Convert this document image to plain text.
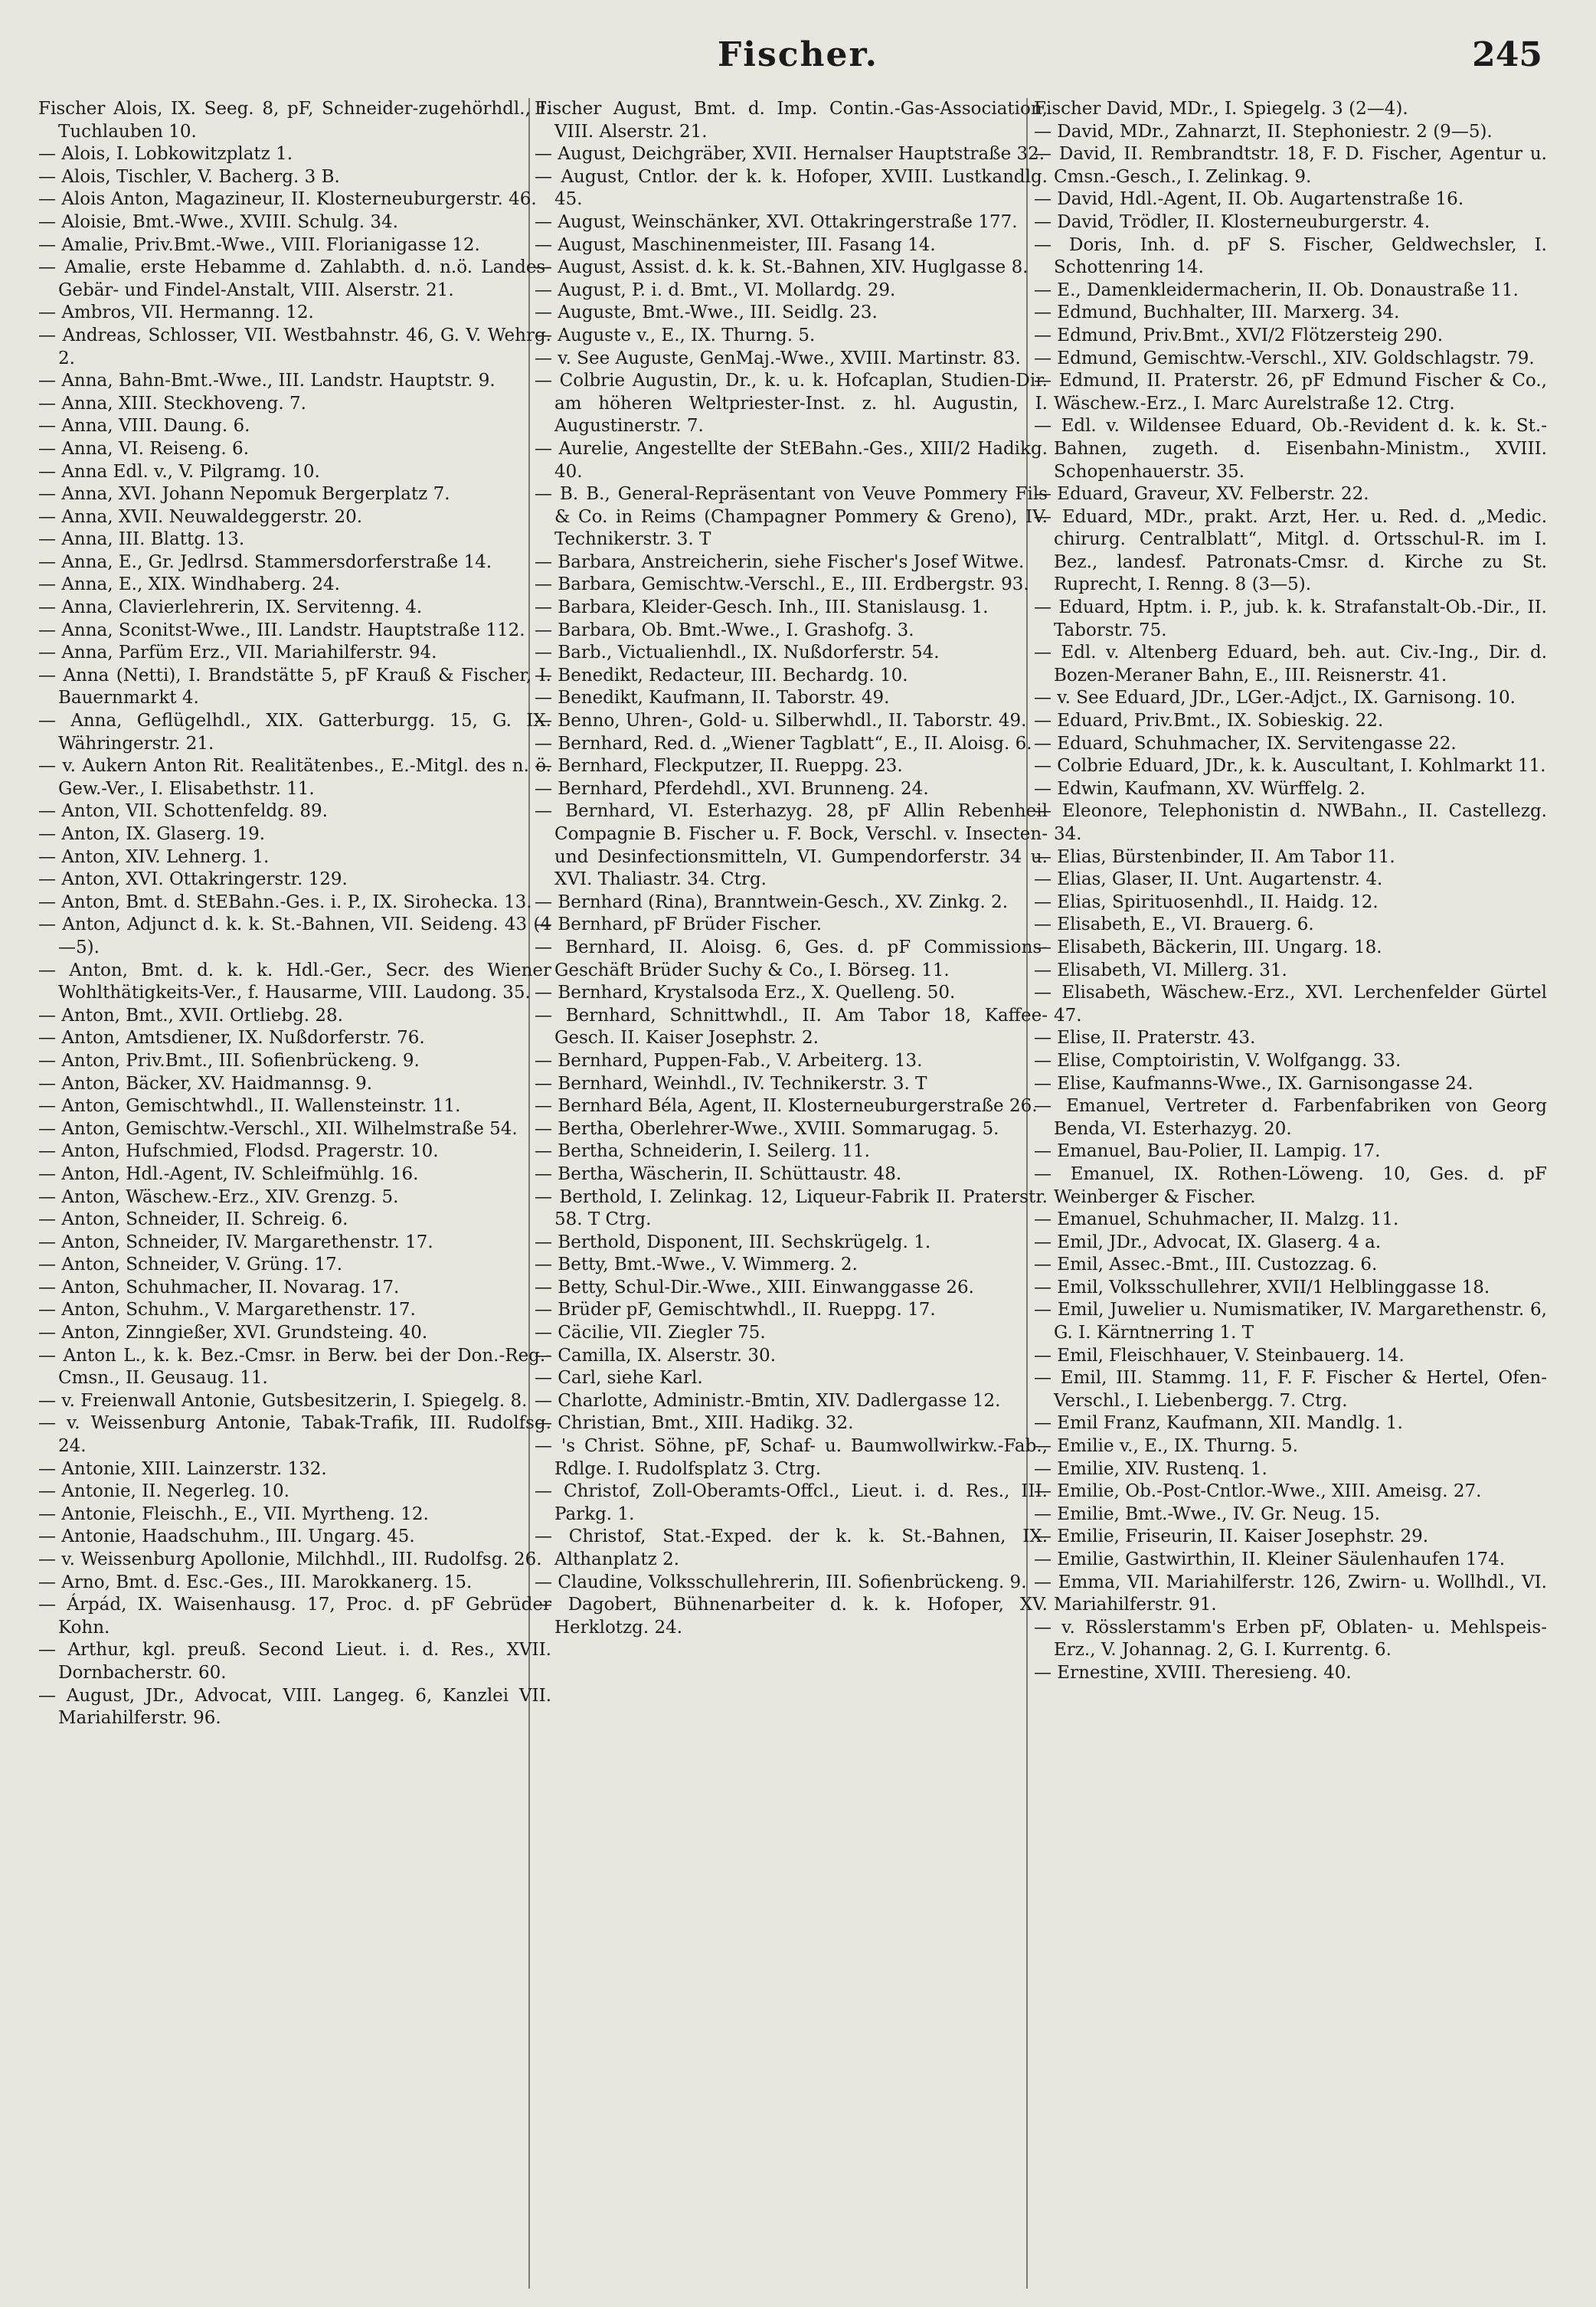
Fischer.	245

Fischer Alois, IX. Seeg. 8, pF, Schneider-zugehörhdl., I. Tuchlauben 10.

— Alois, I. Lobkowitzplatz 1.

— Alois, Tischler, V. Bacherg. 3 B.

— Alois Anton, Magazineur, II. Klosterneuburgerstr. 46.

— Aloisie, Bmt.-Wwe., XVIII. Schulg. 34.

— Amalie, Priv.Bmt.-Wwe., VIII. Florianigasse 12.

— Amalie, erste Hebamme d. Zahlabth. d. n.ö. Landes-Gebär- und Findel-Anstalt, VIII. Alserstr. 21.

— Ambros, VII. Hermanng. 12.

— Andreas, Schlosser, VII. Westbahnstr. 46, G. V. Wehrg. 2.

— Anna, Bahn-Bmt.-Wwe., III. Landstr. Hauptstr. 9.

— Anna, XIII. Steckhoveng. 7.

— Anna, VIII. Daung. 6.

— Anna, VI. Reiseng. 6.

— Anna Edl. v., V. Pilgramg. 10.

— Anna, XVI. Johann Nepomuk Bergerplatz 7.

— Anna, XVII. Neuwaldeggerstr. 20.

— Anna, III. Blattg. 13.

— Anna, E., Gr. Jedlrsd. Stammersdorferstraße 14.

— Anna, E., XIX. Windhaberg. 24.

— Anna, Clavierlehrerin, IX. Servitenng. 4.

— Anna, Sconitst-Wwe., III. Landstr. Hauptstraße 112.

— Anna, Parfüm Erz., VII. Mariahilferstr. 94.

— Anna (Netti), I. Brandstätte 5, pF Krauß & Fischer, I. Bauernmarkt 4.

— Anna, Geflügelhdl., XIX. Gatterburgg. 15, G. IX. Währingerstr. 21.

— v. Aukern Anton Rit. Realitätenbes., E.-Mitgl. des n. ö. Gew.-Ver., I. Elisabethstr. 11.

— Anton, VII. Schottenfeldg. 89.

— Anton, IX. Glaserg. 19.

— Anton, XIV. Lehnerg. 1.

— Anton, XVI. Ottakringerstr. 129.

— Anton, Bmt. d. StEBahn.-Ges. i. P., IX. Sirohecka. 13.

— Anton, Adjunct d. k. k. St.-Bahnen, VII. Seideng. 43 (4—5).

— Anton, Bmt. d. k. k. Hdl.-Ger., Secr. des Wiener Wohlthätigkeits-Ver., f. Hausarme, VIII. Laudong. 35.

— Anton, Bmt., XVII. Ortliebg. 28.

— Anton, Amtsdiener, IX. Nußdorferstr. 76.

— Anton, Priv.Bmt., III. Sofienbrückeng. 9.

— Anton, Bäcker, XV. Haidmannsg. 9.

— Anton, Gemischtwhdl., II. Wallensteinstr. 11.

— Anton, Gemischtw.-Verschl., XII. Wilhelmstraße 54.

— Anton, Hufschmied, Flodsd. Pragerstr. 10.

— Anton, Hdl.-Agent, IV. Schleifmühlg. 16.

— Anton, Wäschew.-Erz., XIV. Grenzg. 5.

— Anton, Schneider, II. Schreig. 6.

— Anton, Schneider, IV. Margarethenstr. 17.

— Anton, Schneider, V. Grüng. 17.

— Anton, Schuhmacher, II. Novarag. 17.

— Anton, Schuhm., V. Margarethenstr. 17.

— Anton, Zinngießer, XVI. Grundsteing. 40.

— Anton L., k. k. Bez.-Cmsr. in Berw. bei der Don.-Reg.-Cmsn., II. Geusaug. 11.

— v. Freienwall Antonie, Gutsbesitzerin, I. Spiegelg. 8.

— v. Weissenburg Antonie, Tabak-Trafik, III. Rudolfsg. 24.

— Antonie, XIII. Lainzerstr. 132.

— Antonie, II. Negerleg. 10.

— Antonie, Fleischh., E., VII. Myrtheng. 12.

— Antonie, Haadschuhm., III. Ungarg. 45.

— v. Weissenburg Apollonie, Milchhdl., III. Rudolfsg. 26.

— Arno, Bmt. d. Esc.-Ges., III. Marokkanerg. 15.

— Árpád, IX. Waisenhausg. 17, Proc. d. pF Gebrüder Kohn.

— Arthur, kgl. preuß. Second Lieut. i. d. Res., XVII. Dornbacherstr. 60.

— August, JDr., Advocat, VIII. Langeg. 6, Kanzlei VII. Mariahilferstr. 96.

Fischer August, Bmt. d. Imp. Contin.-Gas-Association, VIII. Alserstr. 21.

— August, Deichgräber, XVII. Hernalser Hauptstraße 32.

— August, Cntlor. der k. k. Hofoper, XVIII. Lustkandlg. 45.

— August, Weinschänker, XVI. Ottakringerstraße 177.

— August, Maschinenmeister, III. Fasang 14.

— August, Assist. d. k. k. St.-Bahnen, XIV. Huglgasse 8.

— August, P. i. d. Bmt., VI. Mollardg. 29.

— Auguste, Bmt.-Wwe., III. Seidlg. 23.

— Auguste v., E., IX. Thurng. 5.

— v. See Auguste, GenMaj.-Wwe., XVIII. Martinstr. 83.

— Colbrie Augustin, Dr., k. u. k. Hofcaplan, Studien-Dir. am höheren Weltpriester-Inst. z. hl. Augustin, I. Augustinerstr. 7.

— Aurelie, Angestellte der StEBahn.-Ges., XIII/2 Hadikg. 40.

— B. B., General-Repräsentant von Veuve Pommery Fils & Co. in Reims (Champagner Pommery & Greno), IV. Technikerstr. 3. T

— Barbara, Anstreicherin, siehe Fischer's Josef Witwe.

— Barbara, Gemischtw.-Verschl., E., III. Erdbergstr. 93.

— Barbara, Kleider-Gesch. Inh., III. Stanislausg. 1.

— Barbara, Ob. Bmt.-Wwe., I. Grashofg. 3.

— Barb., Victualienhdl., IX. Nußdorferstr. 54.

— Benedikt, Redacteur, III. Bechardg. 10.

— Benedikt, Kaufmann, II. Taborstr. 49.

— Benno, Uhren-, Gold- u. Silberwhdl., II. Taborstr. 49.

— Bernhard, Red. d. „Wiener Tagblatt“, E., II. Aloisg. 6.

— Bernhard, Fleckputzer, II. Rueppg. 23.

— Bernhard, Pferdehdl., XVI. Brunneng. 24.

— Bernhard, VI. Esterhazyg. 28, pF Allin Rebenheil Compagnie B. Fischer u. F. Bock, Verschl. v. Insecten- und Desinfectionsmitteln, VI. Gumpendorferstr. 34 u. XVI. Thaliastr. 34. Ctrg.

— Bernhard (Rina), Branntwein-Gesch., XV. Zinkg. 2.

— Bernhard, pF Brüder Fischer.

— Bernhard, II. Aloisg. 6, Ges. d. pF Commissions-Geschäft Brüder Suchy & Co., I. Börseg. 11.

— Bernhard, Krystalsoda Erz., X. Quelleng. 50.

— Bernhard, Schnittwhdl., II. Am Tabor 18, Kaffee-Gesch. II. Kaiser Josephstr. 2.

— Bernhard, Puppen-Fab., V. Arbeiterg. 13.

— Bernhard, Weinhdl., IV. Technikerstr. 3. T

— Bernhard Béla, Agent, II. Klosterneuburgerstraße 26.

— Bertha, Oberlehrer-Wwe., XVIII. Sommarugag. 5.

— Bertha, Schneiderin, I. Seilerg. 11.

— Bertha, Wäscherin, II. Schüttaustr. 48.

— Berthold, I. Zelinkag. 12, Liqueur-Fabrik II. Praterstr. 58. T Ctrg.

— Berthold, Disponent, III. Sechskrügelg. 1.

— Betty, Bmt.-Wwe., V. Wimmerg. 2.

— Betty, Schul-Dir.-Wwe., XIII. Einwanggasse 26.

— Brüder pF, Gemischtwhdl., II. Rueppg. 17.

— Cäcilie, VII. Ziegler 75.

— Camilla, IX. Alserstr. 30.

— Carl, siehe Karl.

— Charlotte, Administr.-Bmtin, XIV. Dadlergasse 12.

— Christian, Bmt., XIII. Hadikg. 32.

— 's Christ. Söhne, pF, Schaf- u. Baumwollwirkw.-Fab., Rdlge. I. Rudolfsplatz 3. Ctrg.

— Christof, Zoll-Oberamts-Offcl., Lieut. i. d. Res., III. Parkg. 1.

— Christof, Stat.-Exped. der k. k. St.-Bahnen, IX. Althanplatz 2.

— Claudine, Volksschullehrerin, III. Sofienbrückeng. 9.

— Dagobert, Bühnenarbeiter d. k. k. Hofoper, XV. Herklotzg. 24.

Fischer David, MDr., I. Spiegelg. 3 (2—4).

— David, MDr., Zahnarzt, II. Stephoniestr. 2 (9—5).

— David, II. Rembrandtstr. 18, F. D. Fischer, Agentur u. Cmsn.-Gesch., I. Zelinkag. 9.

— David, Hdl.-Agent, II. Ob. Augartenstraße 16.

— David, Trödler, II. Klosterneuburgerstr. 4.

— Doris, Inh. d. pF S. Fischer, Geldwechsler, I. Schottenring 14.

— E., Damenkleidermacherin, II. Ob. Donaustraße 11.

— Edmund, Buchhalter, III. Marxerg. 34.

— Edmund, Priv.Bmt., XVI/2 Flötzersteig 290.

— Edmund, Gemischtw.-Verschl., XIV. Goldschlagstr. 79.

— Edmund, II. Praterstr. 26, pF Edmund Fischer & Co., Wäschew.-Erz., I. Marc Aurelstraße 12. Ctrg.

— Edl. v. Wildensee Eduard, Ob.-Revident d. k. k. St.-Bahnen, zugeth. d. Eisenbahn-Ministm., XVIII. Schopenhauerstr. 35.

— Eduard, Graveur, XV. Felberstr. 22.

— Eduard, MDr., prakt. Arzt, Her. u. Red. d. „Medic. chirurg. Centralblatt“, Mitgl. d. Ortsschul-R. im I. Bez., landesf. Patronats-Cmsr. d. Kirche zu St. Ruprecht, I. Renng. 8 (3—5).

— Eduard, Hptm. i. P., jub. k. k. Strafanstalt-Ob.-Dir., II. Taborstr. 75.

— Edl. v. Altenberg Eduard, beh. aut. Civ.-Ing., Dir. d. Bozen-Meraner Bahn, E., III. Reisnerstr. 41.

— v. See Eduard, JDr., LGer.-Adjct., IX. Garnisong. 10.

— Eduard, Priv.Bmt., IX. Sobieskig. 22.

— Eduard, Schuhmacher, IX. Servitengasse 22.

— Colbrie Eduard, JDr., k. k. Auscultant, I. Kohlmarkt 11.

— Edwin, Kaufmann, XV. Würffelg. 2.

— Eleonore, Telephonistin d. NWBahn., II. Castellezg. 34.

— Elias, Bürstenbinder, II. Am Tabor 11.

— Elias, Glaser, II. Unt. Augartenstr. 4.

— Elias, Spirituosenhdl., II. Haidg. 12.

— Elisabeth, E., VI. Brauerg. 6.

— Elisabeth, Bäckerin, III. Ungarg. 18.

— Elisabeth, VI. Millerg. 31.

— Elisabeth, Wäschew.-Erz., XVI. Lerchenfelder Gürtel 47.

— Elise, II. Praterstr. 43.

— Elise, Comptoiristin, V. Wolfgangg. 33.

— Elise, Kaufmanns-Wwe., IX. Garnisongasse 24.

— Emanuel, Vertreter d. Farbenfabriken von Georg Benda, VI. Esterhazyg. 20.

— Emanuel, Bau-Polier, II. Lampig. 17.

— Emanuel, IX. Rothen-Löweng. 10, Ges. d. pF Weinberger & Fischer.

— Emanuel, Schuhmacher, II. Malzg. 11.

— Emil, JDr., Advocat, IX. Glaserg. 4 a.

— Emil, Assec.-Bmt., III. Custozzag. 6.

— Emil, Volksschullehrer, XVII/1 Helblinggasse 18.

— Emil, Juwelier u. Numismatiker, IV. Margarethenstr. 6, G. I. Kärntnerring 1. T

— Emil, Fleischhauer, V. Steinbauerg. 14.

— Emil, III. Stammg. 11, F. F. Fischer & Hertel, Ofen-Verschl., I. Liebenbergg. 7. Ctrg.

— Emil Franz, Kaufmann, XII. Mandlg. 1.

— Emilie v., E., IX. Thurng. 5.

— Emilie, XIV. Rustenq. 1.

— Emilie, Ob.-Post-Cntlor.-Wwe., XIII. Ameisg. 27.

— Emilie, Bmt.-Wwe., IV. Gr. Neug. 15.

— Emilie, Friseurin, II. Kaiser Josephstr. 29.

— Emilie, Gastwirthin, II. Kleiner Säulenhaufen 174.

— Emma, VII. Mariahilferstr. 126, Zwirn- u. Wollhdl., VI. Mariahilferstr. 91.

— v. Rösslerstamm's Erben pF, Oblaten- u. Mehlspeis-Erz., V. Johannag. 2, G. I. Kurrentg. 6.

— Ernestine, XVIII. Theresieng. 40.
